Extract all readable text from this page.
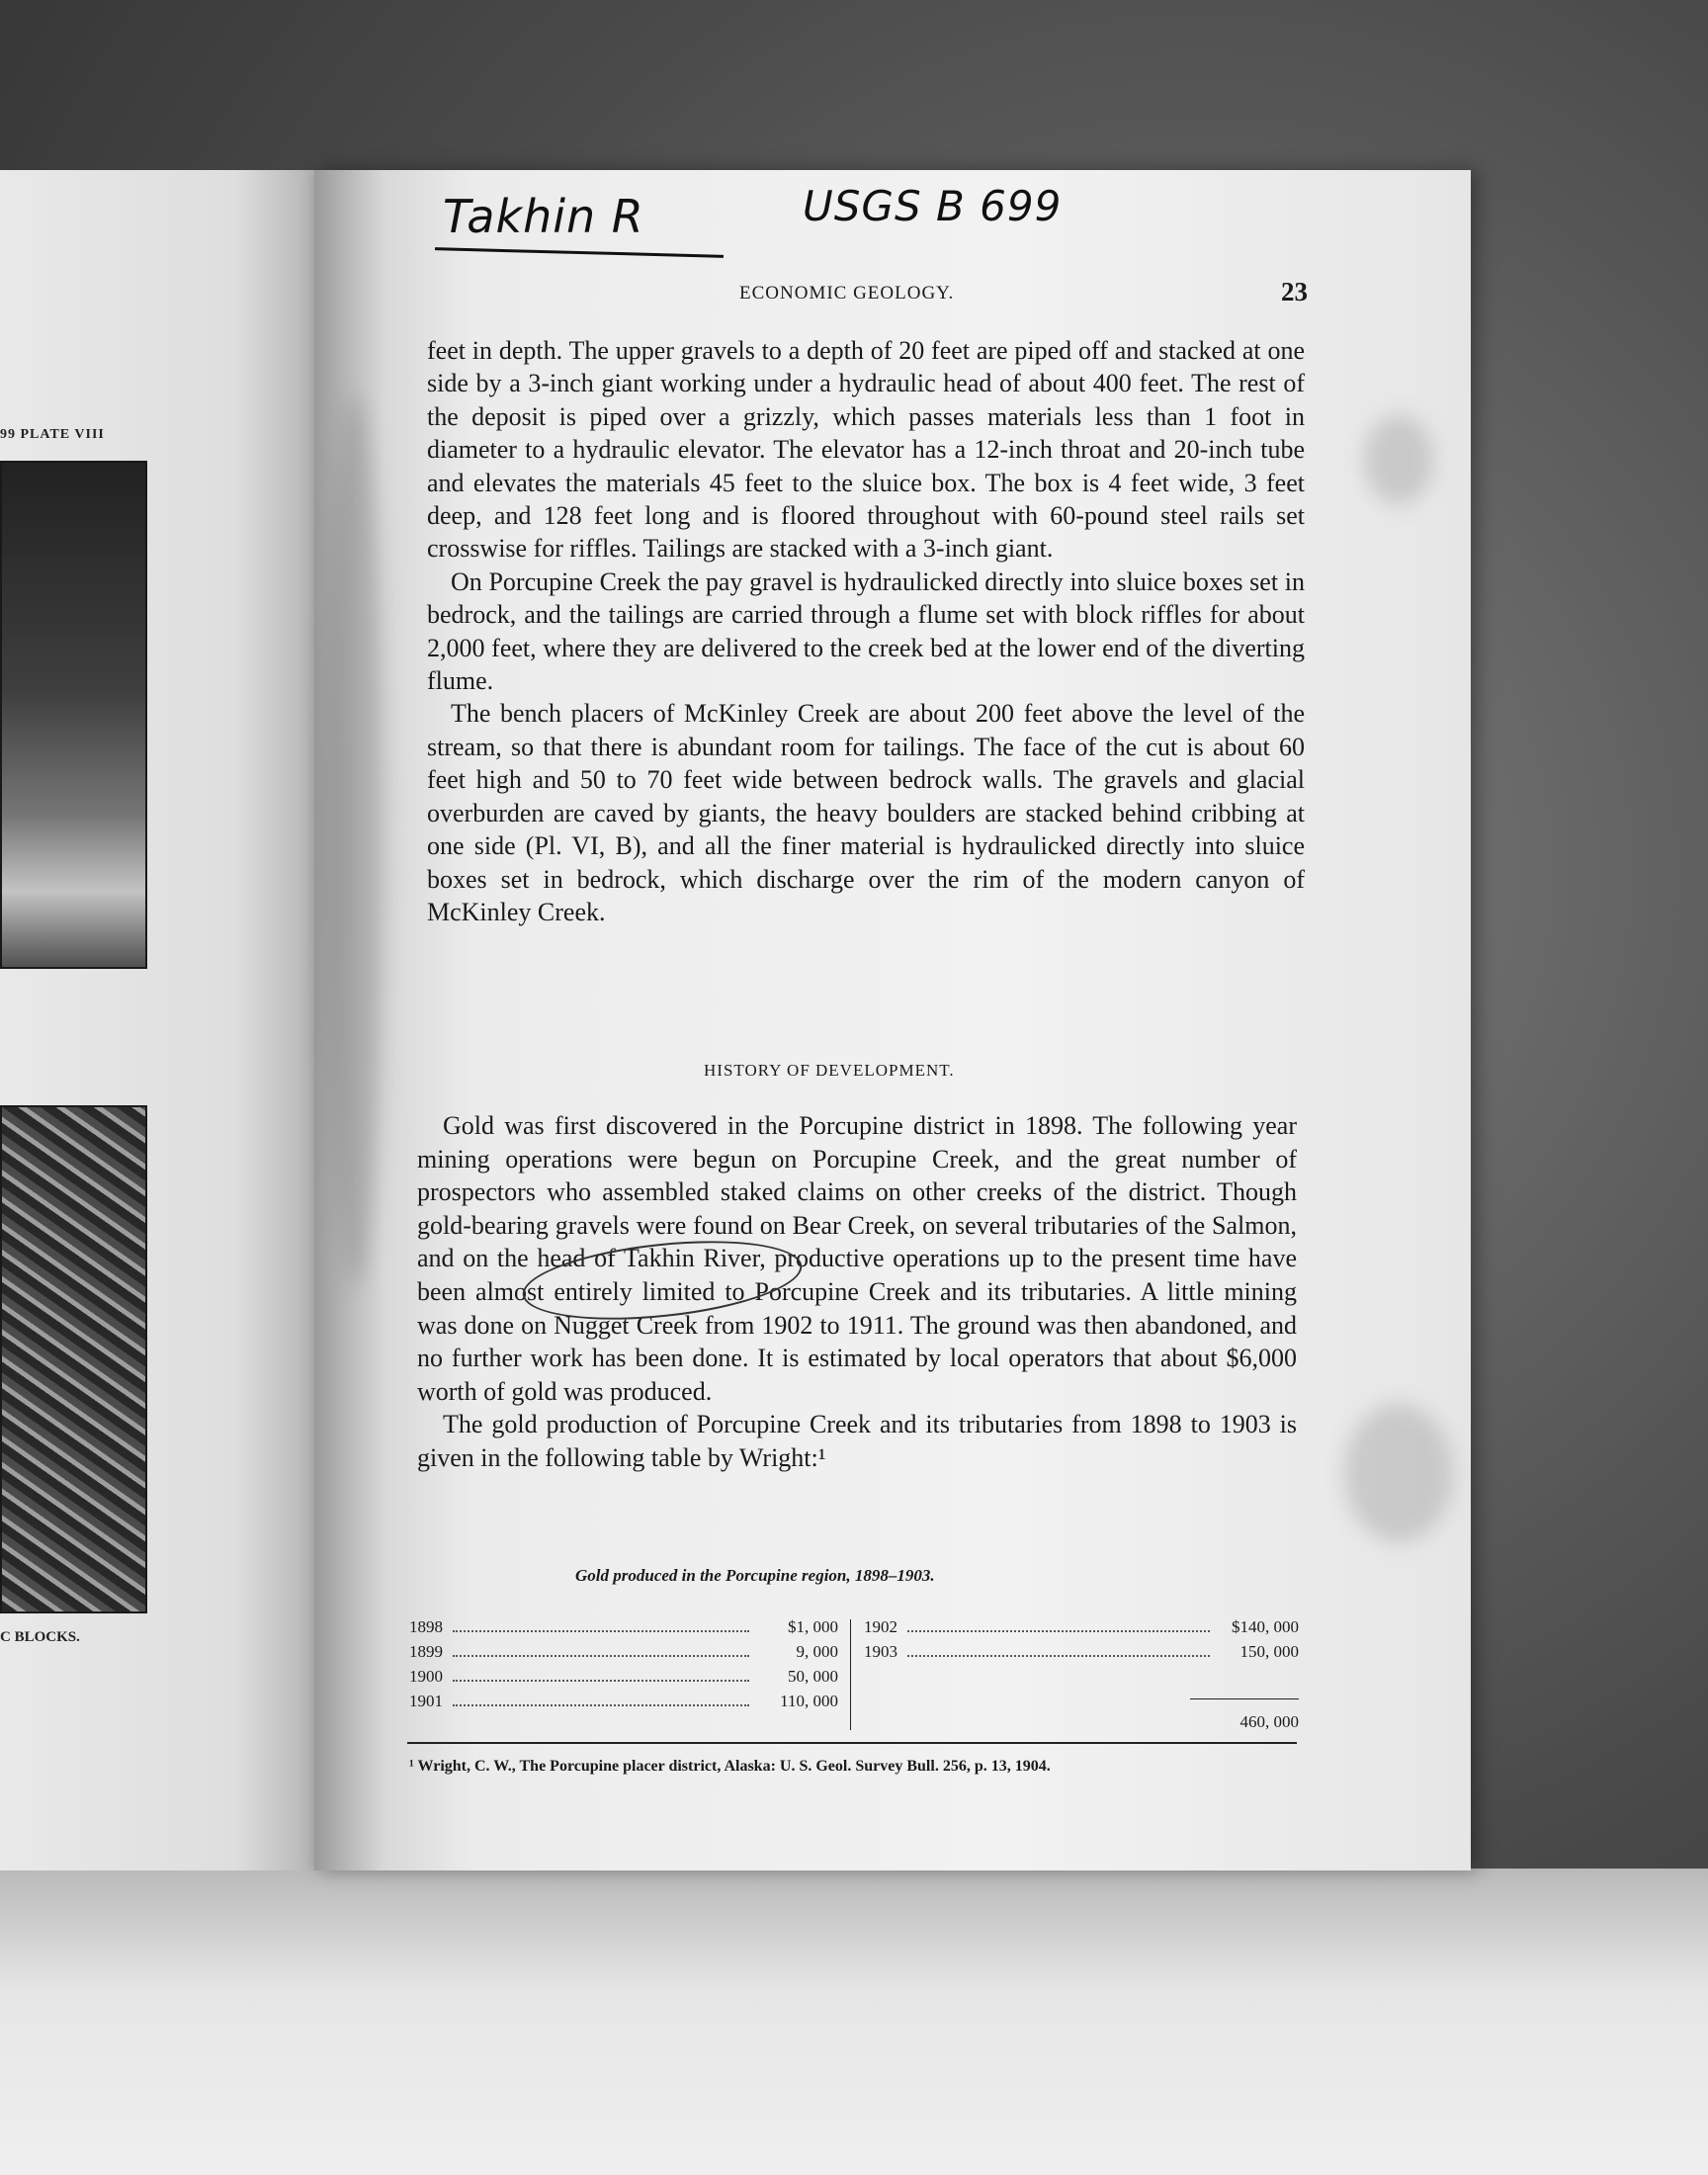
99 PLATE VIII
C BLOCKS.
Takhin R	USGS B 699
ECONOMIC GEOLOGY.	23

feet in depth. The upper gravels to a depth of 20 feet are piped off and stacked at one side by a 3-inch giant working under a hydraulic head of about 400 feet. The rest of the deposit is piped over a grizzly, which passes materials less than 1 foot in diameter to a hydraulic elevator. The elevator has a 12-inch throat and 20-inch tube and elevates the materials 45 feet to the sluice box. The box is 4 feet wide, 3 feet deep, and 128 feet long and is floored throughout with 60-pound steel rails set crosswise for riffles. Tailings are stacked with a 3-inch giant.

On Porcupine Creek the pay gravel is hydraulicked directly into sluice boxes set in bedrock, and the tailings are carried through a flume set with block riffles for about 2,000 feet, where they are delivered to the creek bed at the lower end of the diverting flume.

The bench placers of McKinley Creek are about 200 feet above the level of the stream, so that there is abundant room for tailings. The face of the cut is about 60 feet high and 50 to 70 feet wide between bedrock walls. The gravels and glacial overburden are caved by giants, the heavy boulders are stacked behind cribbing at one side (Pl. VI, B), and all the finer material is hydraulicked directly into sluice boxes set in bedrock, which discharge over the rim of the modern canyon of McKinley Creek.

HISTORY OF DEVELOPMENT.

Gold was first discovered in the Porcupine district in 1898. The following year mining operations were begun on Porcupine Creek, and the great number of prospectors who assembled staked claims on other creeks of the district. Though gold-bearing gravels were found on Bear Creek, on several tributaries of the Salmon, and on the head of Takhin River, productive operations up to the present time have been almost entirely limited to Porcupine Creek and its tributaries. A little mining was done on Nugget Creek from 1902 to 1911. The ground was then abandoned, and no further work has been done. It is estimated by local operators that about $6,000 worth of gold was produced.

The gold production of Porcupine Creek and its tributaries from 1898 to 1903 is given in the following table by Wright:¹

Gold produced in the Porcupine region, 1898–1903.
1898	$1, 000
1899	9, 000
1900	50, 000
1901	110, 000
1902	$140, 000
1903	150, 000
460, 000
¹ Wright, C. W., The Porcupine placer district, Alaska: U. S. Geol. Survey Bull. 256, p. 13, 1904.
